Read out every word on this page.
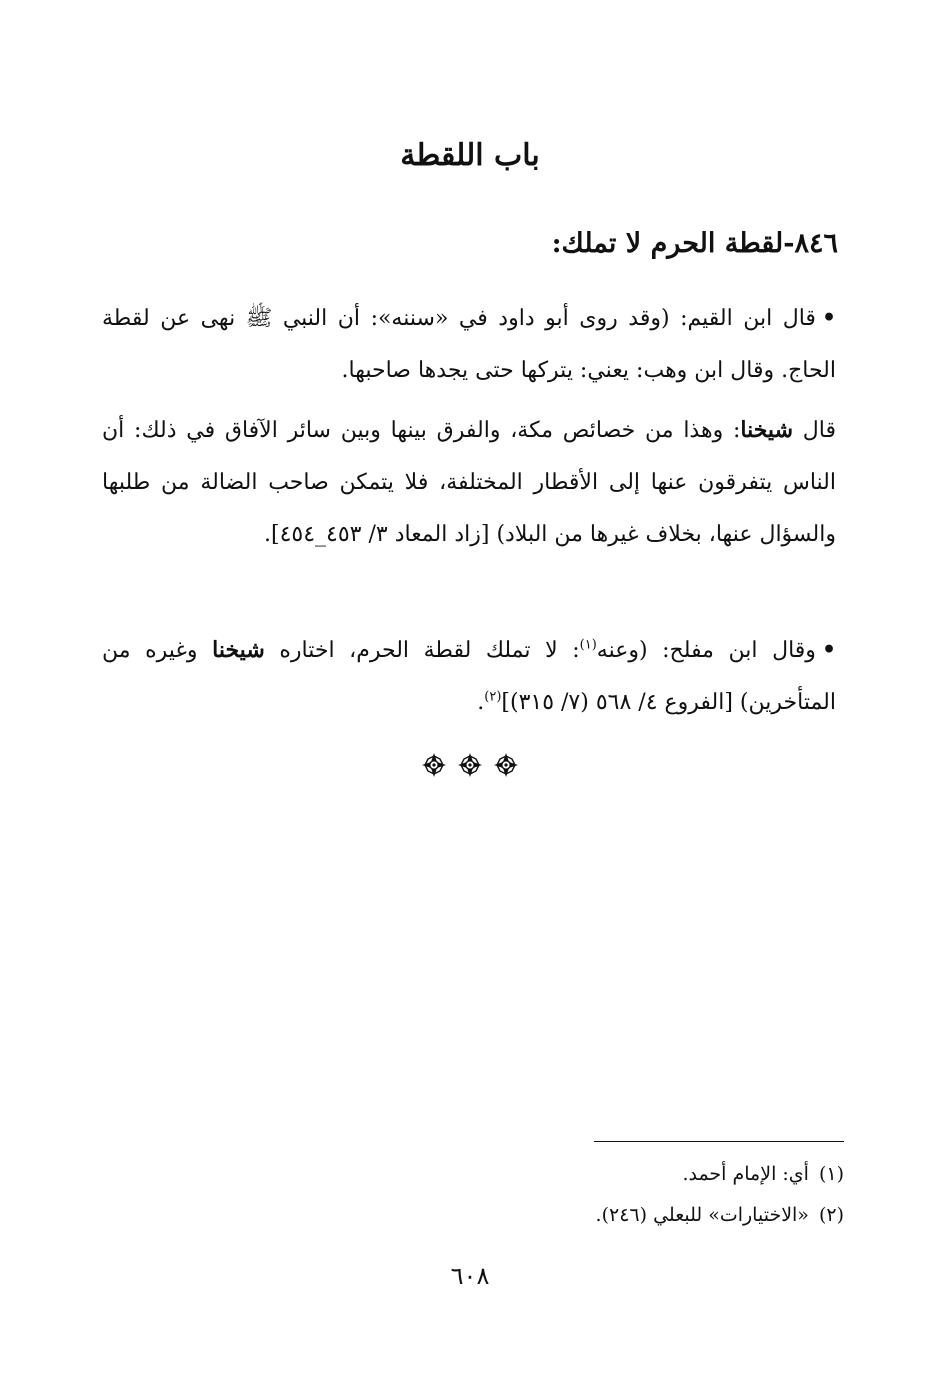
باب اللقطة
٨٤٦-لقطة الحرم لا تملك:

•قال ابن القيم: (وقد روى أبو داود في «سننه»: أن النبي ﷺ نهى عن لقطة الحاج. وقال ابن وهب: يعني: يتركها حتى يجدها صاحبها.

قال شيخنا: وهذا من خصائص مكة، والفرق بينها وبين سائر الآفاق في ذلك: أن الناس يتفرقون عنها إلى الأقطار المختلفة، فلا يتمكن صاحب الضالة من طلبها والسؤال عنها، بخلاف غيرها من البلاد) [زاد المعاد ٣/ ٤٥٣_٤٥٤].

•وقال ابن مفلح: (وعنه$^{(١)}$: لا تملك لقطة الحرم، اختاره شيخنا وغيره من المتأخرين) [الفروع ٤/ ٥٦٨ (٧/ ٣١٥)]$^{(٢)}$.

(١)أي: الإمام أحمد.

(٢)«الاختيارات» للبعلي (٢٤٦).

٦٠٨
